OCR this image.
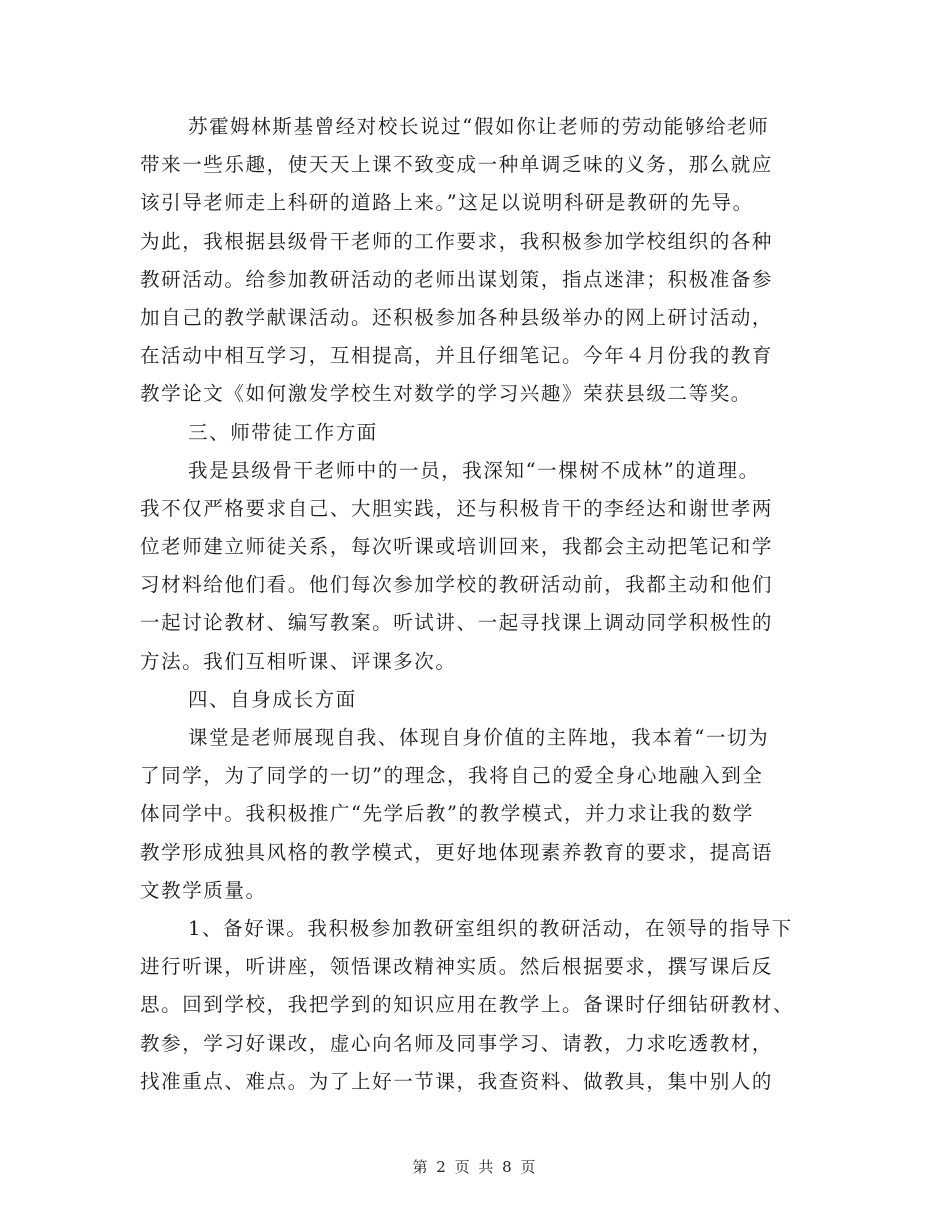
苏霍姆林斯基曾经对校长说过“假如你让老师的劳动能够给老师
带来一些乐趣，使天天上课不致变成一种单调乏味的义务，那么就应
该引导老师走上科研的道路上来。”这足以说明科研是教研的先导。
为此，我根据县级骨干老师的工作要求，我积极参加学校组织的各种
教研活动。给参加教研活动的老师出谋划策，指点迷津；积极准备参
加自己的教学献课活动。还积极参加各种县级举办的网上研讨活动，
在活动中相互学习，互相提高，并且仔细笔记。今年４月份我的教育
教学论文《如何激发学校生对数学的学习兴趣》荣获县级二等奖。
三、师带徒工作方面
我是县级骨干老师中的一员，我深知“一棵树不成林”的道理。
我不仅严格要求自己、大胆实践，还与积极肯干的李经达和谢世孝两
位老师建立师徒关系，每次听课或培训回来，我都会主动把笔记和学
习材料给他们看。他们每次参加学校的教研活动前，我都主动和他们
一起讨论教材、编写教案。听试讲、一起寻找课上调动同学积极性的
方法。我们互相听课、评课多次。
四、自身成长方面
课堂是老师展现自我、体现自身价值的主阵地，我本着“一切为
了同学，为了同学的一切”的理念，我将自己的爱全身心地融入到全
体同学中。我积极推广“先学后教”的教学模式，并力求让我的数学
教学形成独具风格的教学模式，更好地体现素养教育的要求，提高语
文教学质量。
1、备好课。我积极参加教研室组织的教研活动，在领导的指导下
进行听课，听讲座，领悟课改精神实质。然后根据要求，撰写课后反
思。回到学校，我把学到的知识应用在教学上。备课时仔细钻研教材、
教参，学习好课改，虚心向名师及同事学习、请教，力求吃透教材，
找准重点、难点。为了上好一节课，我查资料、做教具，集中别人的
第 2 页 共 8 页
